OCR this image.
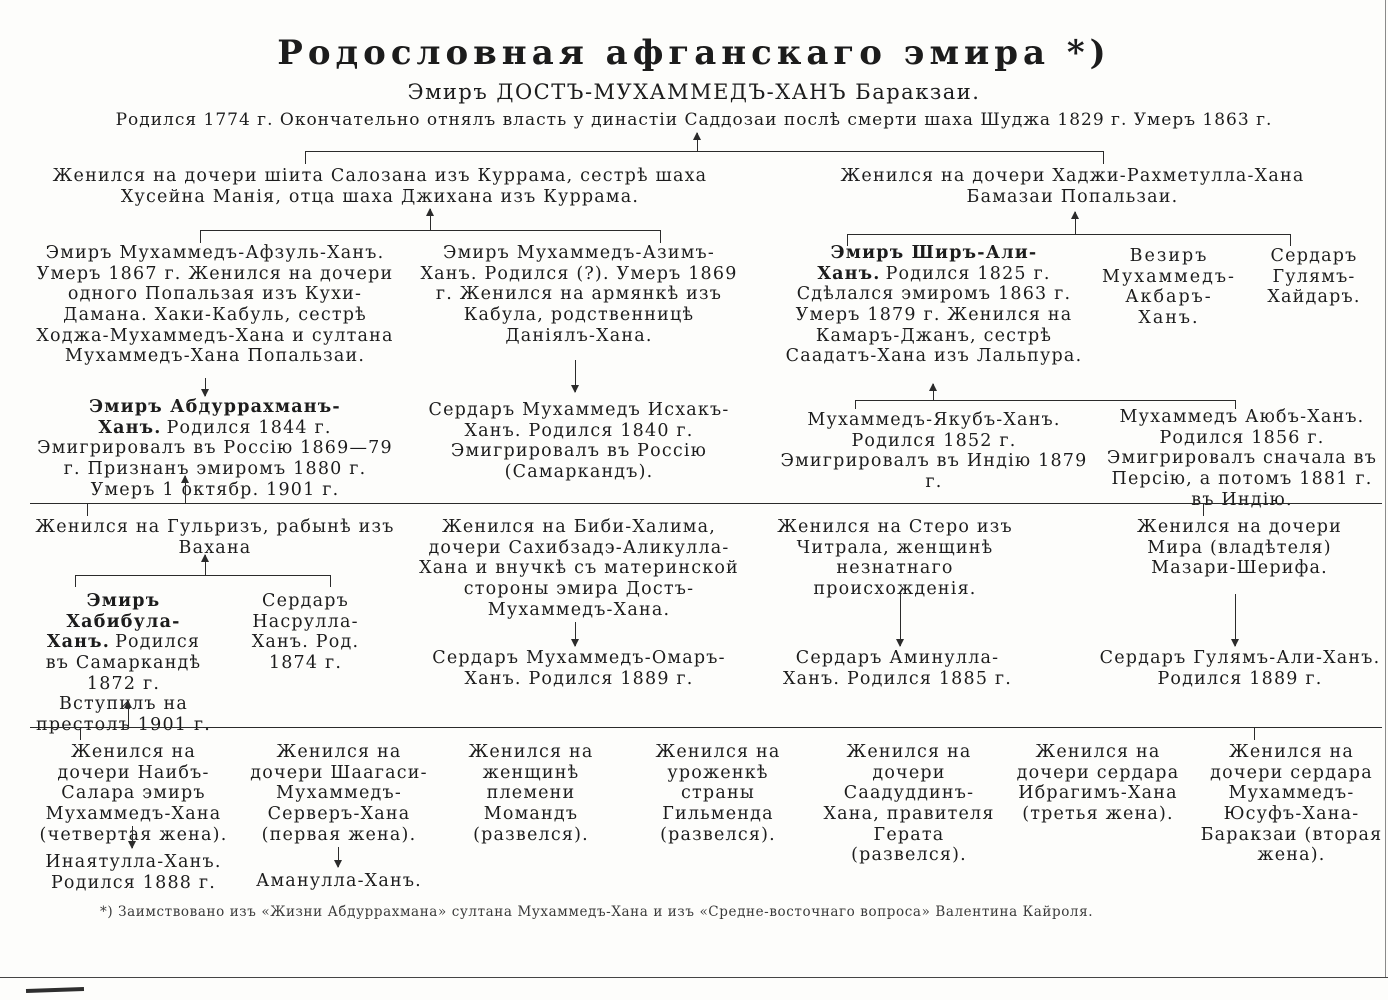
Родословная афганскаго эмира *)
Эмиръ ДОСТЪ-МУХАММЕДЪ-ХАНЪ Баракзаи.
Родился 1774 г. Окончательно отнялъ власть у династіи Саддозаи послѣ смерти шаха Шуджа 1829 г. Умеръ 1863 г.
Женился на дочери шіита Салозана изъ Куррама, сестрѣ шаха Хусейна Манія, отца шаха Джихана изъ Куррама.
Женился на дочери Хаджи-Рахметулла-Хана Бамазаи Попальзаи.
Эмиръ Мухаммедъ-Афзуль-Ханъ. Умеръ 1867 г. Женился на дочери одного Попальзая изъ Кухи-Дамана. Хаки-Кабуль, сестрѣ Ходжа-Мухаммедъ-Хана и султана Мухаммедъ-Хана Попальзаи.
Эмиръ Мухаммедъ-Азимъ-Ханъ. Родился (?). Умеръ 1869 г. Женился на армянкѣ изъ Кабула, родственницѣ Даніялъ-Хана.
Эмиръ Ширъ-Али-Ханъ. Родился 1825 г. Сдѣлался эмиромъ 1863 г. Умеръ 1879 г. Женился на Камаръ-Джанъ, сестрѣ Саадатъ-Хана изъ Лальпура.
Везиръ Мухаммедъ-Акбаръ-Ханъ.
Сердаръ Гулямъ-Хайдаръ.
Эмиръ Абдуррахманъ-Ханъ. Родился 1844 г. Эмигрировалъ въ Россію 1869—79 г. Признанъ эмиромъ 1880 г. Умеръ 1 октябр. 1901 г.
Сердаръ Мухаммедъ Исхакъ-Ханъ. Родился 1840 г. Эмигрировалъ въ Россію (Самаркандъ).
Мухаммедъ-Якубъ-Ханъ. Родился 1852 г. Эмигрировалъ въ Индію 1879 г.
Мухаммедъ Аюбъ-Ханъ. Родился 1856 г. Эмигрировалъ сначала въ Персію, а потомъ 1881 г. въ Индію.
Женился на Гульризъ, рабынѣ изъ Вахана
Женился на Биби-Халима, дочери Сахибзадэ-Аликулла-Хана и внучкѣ съ материнской стороны эмира Достъ-Мухаммедъ-Хана.
Женился на Стеро изъ Читрала, женщинѣ незнатнаго происхожденія.
Женился на дочери Мира (владѣтеля) Мазари-Шерифа.
Эмиръ Хабибула-Ханъ. Родился въ Самаркандѣ 1872 г. Вступилъ на престолъ 1901 г.
Сердаръ Насрулла-Ханъ. Род. 1874 г.	Сердаръ Мухаммедъ-Омаръ-Ханъ. Родился 1889 г.
Сердаръ Аминулла-Ханъ. Родился 1885 г.
Сердаръ Гулямъ-Али-Ханъ. Родился 1889 г.
Женился на дочери Наибъ-Салара эмиръ Мухаммедъ-Хана (четвертая жена).
Инаятулла-Ханъ. Родился 1888 г.
Женился на дочери Шаагаси-Мухаммедъ-Серверъ-Хана (первая жена).
Аманулла-Ханъ.
Женился на женщинѣ племени Момандъ (развелся).
Женился на уроженкѣ страны Гильменда (развелся).
Женился на дочери Саадуддинъ-Хана, правителя Герата (развелся).
Женился на дочери сердара Ибрагимъ-Хана (третья жена).
Женился на дочери сердара Мухаммедъ-Юсуфъ-Хана-Баракзаи (вторая жена).
*) Заимствовано изъ «Жизни Абдуррахмана» султана Мухаммедъ-Хана и изъ «Средне-восточнаго вопроса» Валентина Кайроля.
